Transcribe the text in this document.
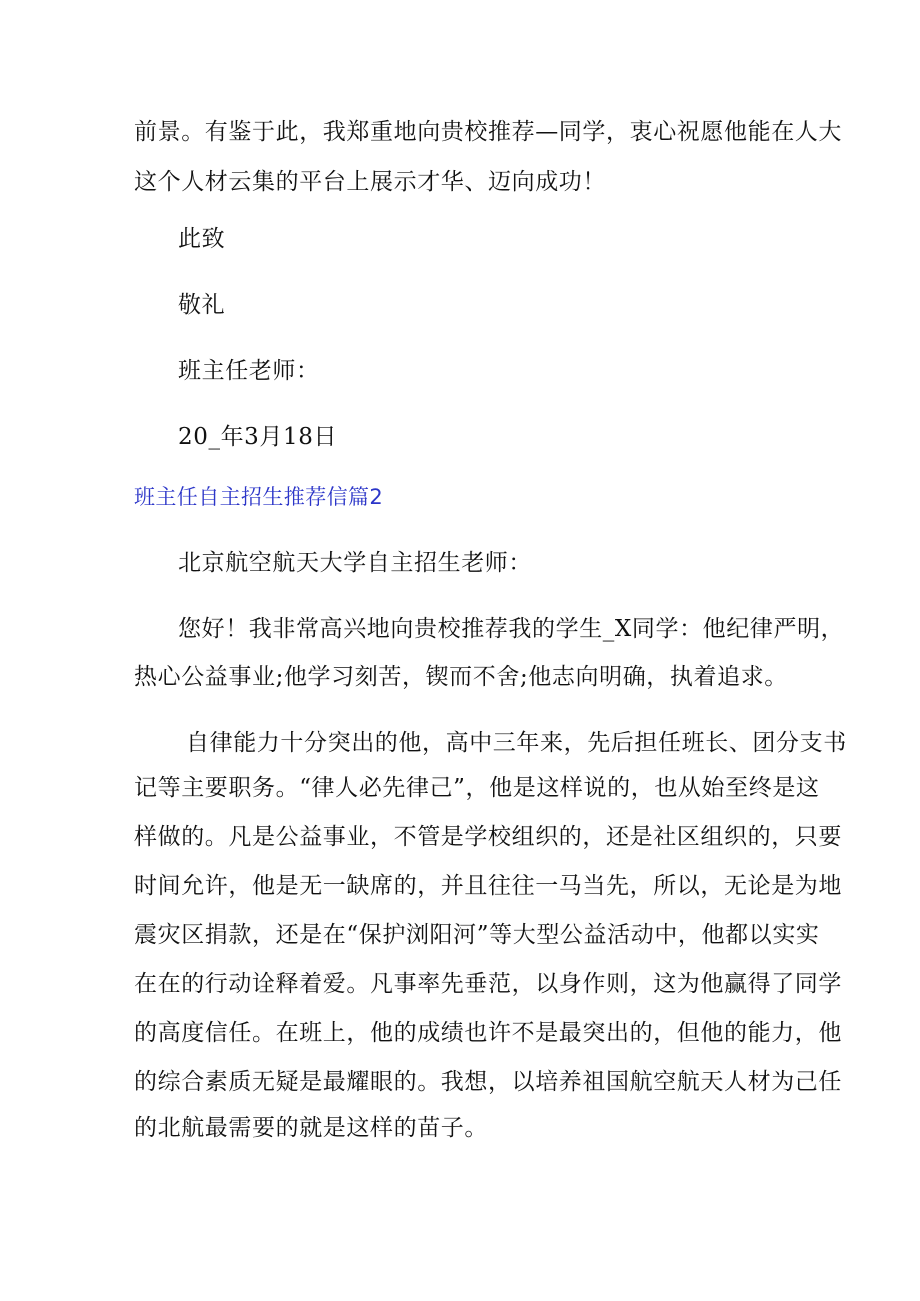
前景。有鉴于此，我郑重地向贵校推荐—同学，衷心祝愿他能在人大
这个人材云集的平台上展示才华、迈向成功！
此致
敬礼
班主任老师：
20_年3月18日
班主任自主招生推荐信篇2
北京航空航天大学自主招生老师：
您好！我非常高兴地向贵校推荐我的学生_X同学：他纪律严明，
热心公益事业;他学习刻苦，锲而不舍;他志向明确，执着追求。
自律能力十分突出的他，高中三年来，先后担任班长、团分支书
记等主要职务。“律人必先律己”，他是这样说的，也从始至终是这
样做的。凡是公益事业，不管是学校组织的，还是社区组织的，只要
时间允许，他是无一缺席的，并且往往一马当先，所以，无论是为地
震灾区捐款，还是在“保护浏阳河”等大型公益活动中，他都以实实
在在的行动诠释着爱。凡事率先垂范，以身作则，这为他赢得了同学
的高度信任。在班上，他的成绩也许不是最突出的，但他的能力，他
的综合素质无疑是最耀眼的。我想，以培养祖国航空航天人材为己任
的北航最需要的就是这样的苗子。
